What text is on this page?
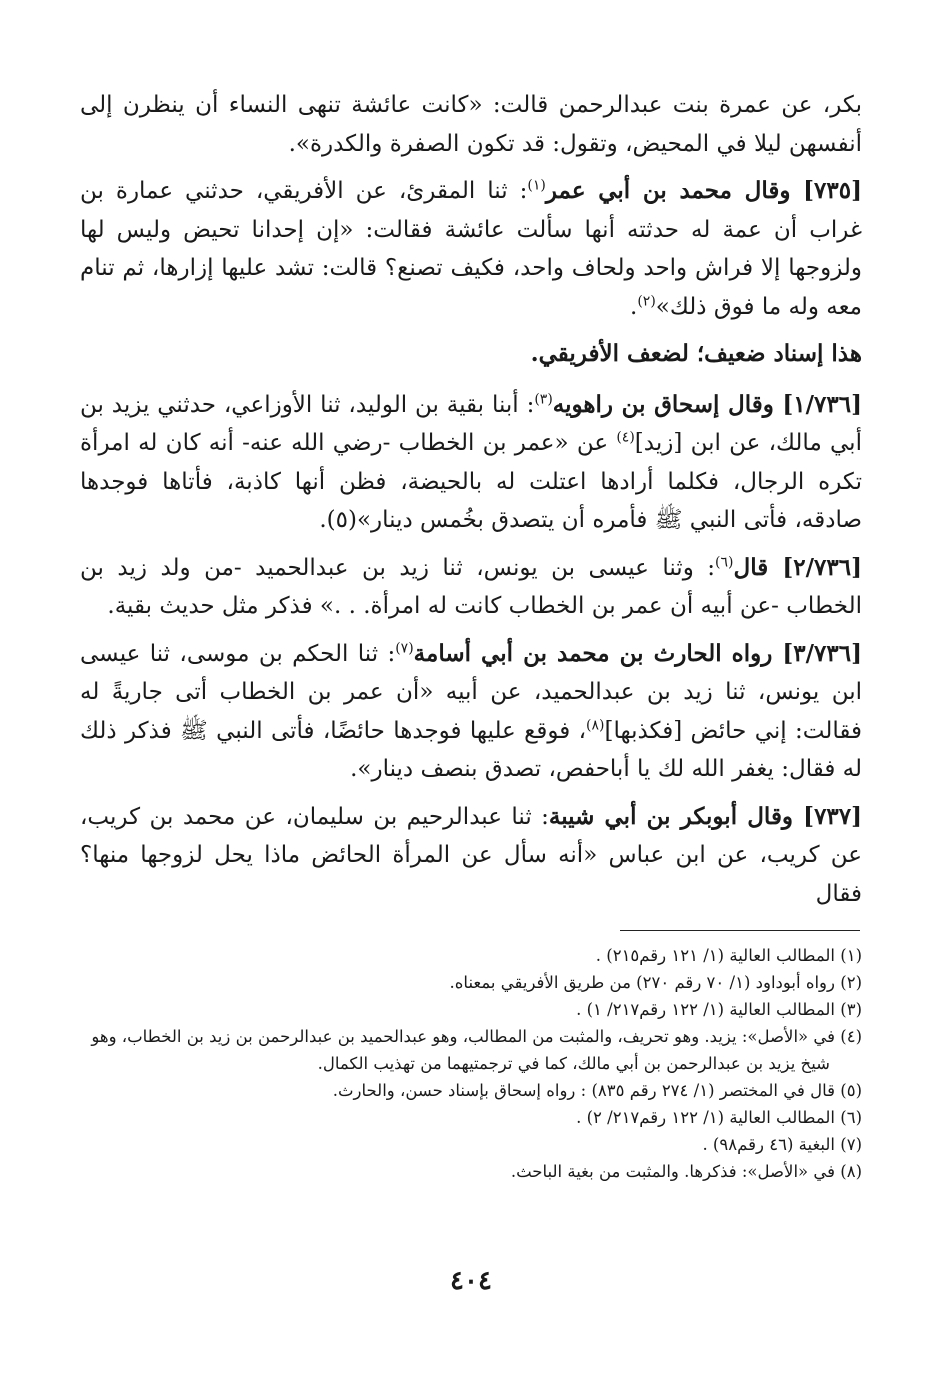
بكر، عن عمرة بنت عبدالرحمن قالت: «كانت عائشة تنهى النساء أن ينظرن إلى أنفسهن ليلا في المحيض، وتقول: قد تكون الصفرة والكدرة».

[٧٣٥] وقال محمد بن أبي عمر$^{(١)}$: ثنا المقرئ، عن الأفريقي، حدثني عمارة بن غراب أن عمة له حدثته أنها سألت عائشة فقالت: «إن إحدانا تحيض وليس لها ولزوجها إلا فراش واحد ولحاف واحد، فكيف تصنع؟ قالت: تشد عليها إزارها، ثم تنام معه وله ما فوق ذلك»$^{(٢)}$.

هذا إسناد ضعيف؛ لضعف الأفريقي.

[١/٧٣٦] وقال إسحاق بن راهويه$^{(٣)}$: أبنا بقية بن الوليد، ثنا الأوزاعي، حدثني يزيد بن أبي مالك، عن ابن [زيد]$^{(٤)}$ عن «عمر بن الخطاب -رضي الله عنه- أنه كان له امرأة تكره الرجال، فكلما أرادها اعتلت له بالحيضة، فظن أنها كاذبة، فأتاها فوجدها صادقه، فأتى النبي ﷺ فأمره أن يتصدق بخُمس دينار»(٥).

[٢/٧٣٦] قال$^{(٦)}$: وثنا عيسى بن يونس، ثنا زيد بن عبدالحميد -من ولد زيد بن الخطاب -عن أبيه أن عمر بن الخطاب كانت له امرأة. . .» فذكر مثل حديث بقية.

[٣/٧٣٦] رواه الحارث بن محمد بن أبي أسامة$^{(٧)}$: ثنا الحكم بن موسى، ثنا عيسى ابن يونس، ثنا زيد بن عبدالحميد، عن أبيه «أن عمر بن الخطاب أتى جاريةً له فقالت: إني حائض [فكذبها]$^{(٨)}$، فوقع عليها فوجدها حائضًا، فأتى النبي ﷺ فذكر ذلك له فقال: يغفر الله لك يا أباحفص، تصدق بنصف دينار».

[٧٣٧] وقال أبوبكر بن أبي شيبة: ثنا عبدالرحيم بن سليمان، عن محمد بن كريب، عن كريب، عن ابن عباس «أنه سأل عن المرأة الحائض ماذا يحل لزوجها منها؟ فقال

(١) المطالب العالية (١/ ١٢١ رقم٢١٥) .

(٢) رواه أبوداود (١/ ٧٠ رقم ٢٧٠) من طريق الأفريقي بمعناه.

(٣) المطالب العالية (١/ ١٢٢ رقم٢١٧/ ١) .

(٤) في «الأصل»: يزيد. وهو تحريف، والمثبت من المطالب، وهو عبدالحميد بن عبدالرحمن بن زيد بن الخطاب، وهو شيخ يزيد بن عبدالرحمن بن أبي مالك، كما في ترجمتيهما من تهذيب الكمال.

(٥) قال في المختصر (١/ ٢٧٤ رقم ٨٣٥) : رواه إسحاق بإسناد حسن، والحارث.

(٦) المطالب العالية (١/ ١٢٢ رقم٢١٧/ ٢) .

(٧) البغية (٤٦ رقم٩٨) .

(٨) في «الأصل»: فذكرها. والمثبت من بغية الباحث.

٤٠٤
